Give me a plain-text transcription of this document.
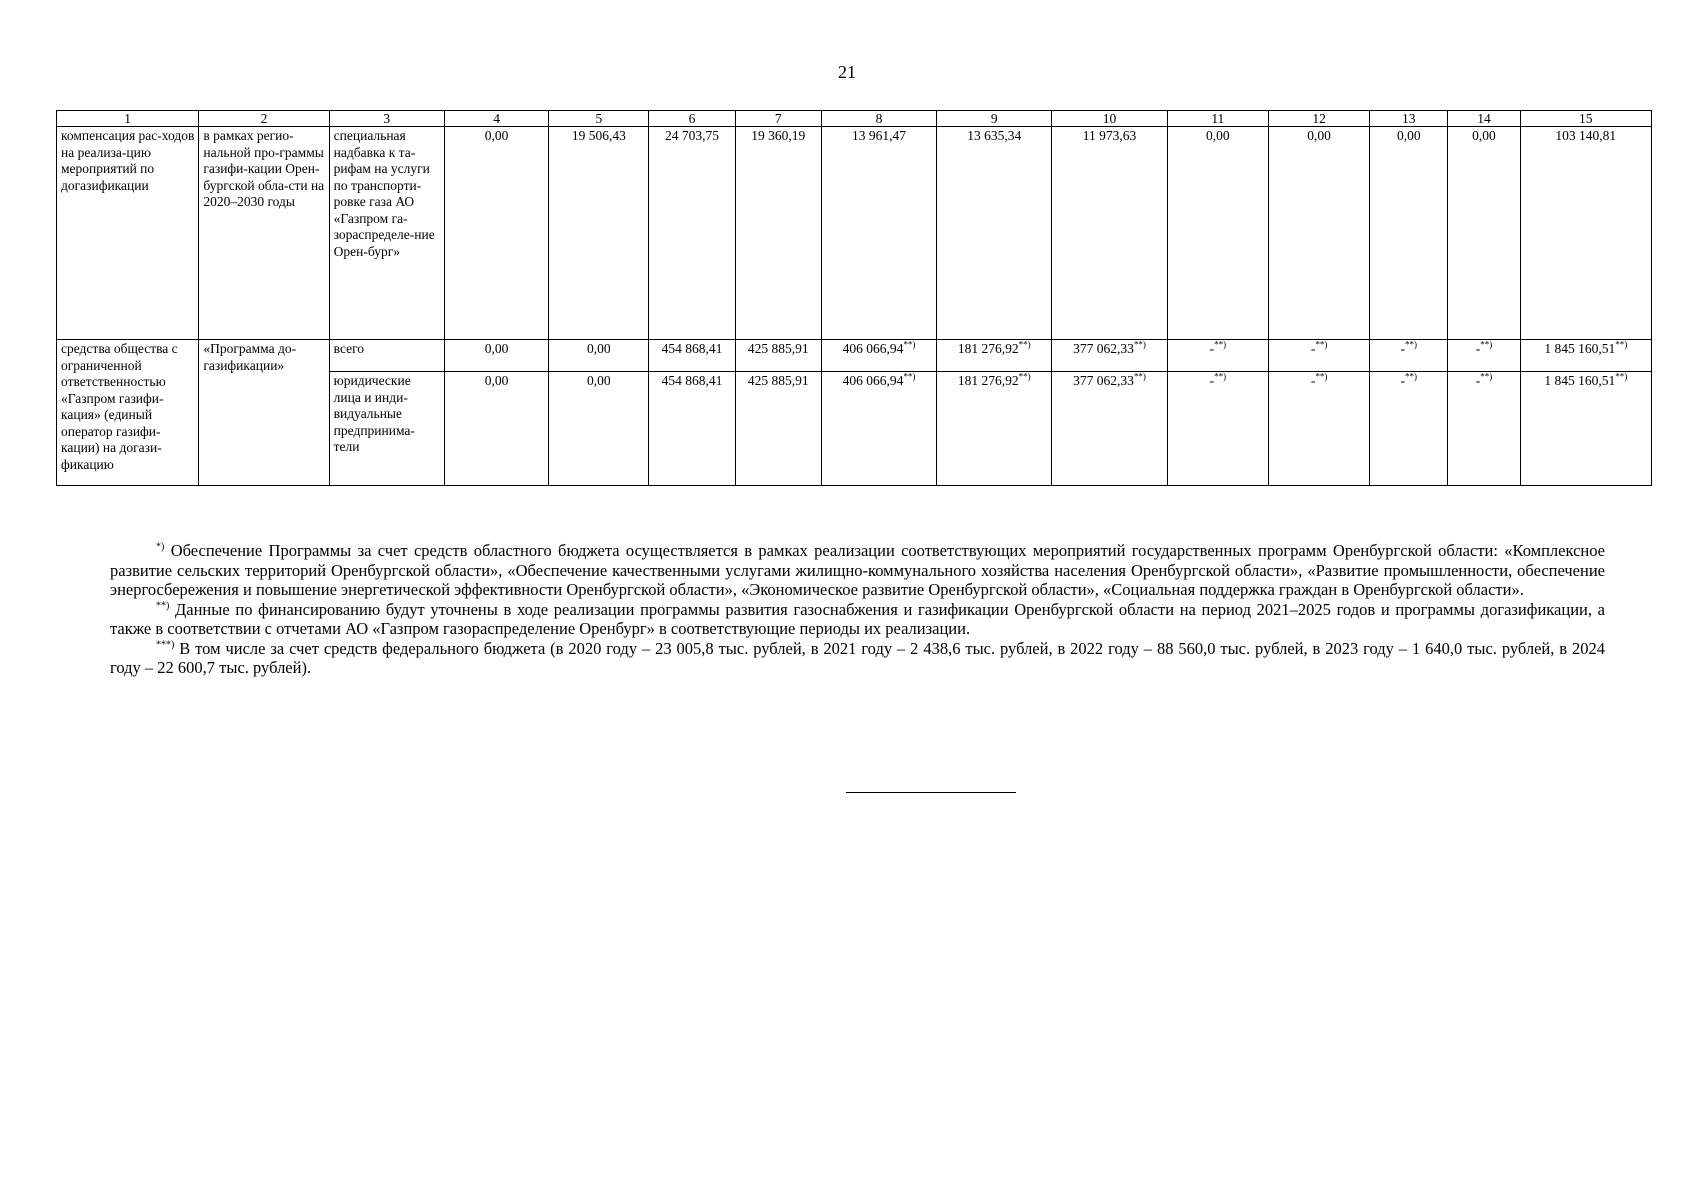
21
1	2	3	4	5	6	7	8	9	10	11	12	13	14	15
компенсация рас-ходов на реализа-цию мероприятий по догазификации	в рамках регио-нальной про-граммы газифи-кации Орен-бургской обла-сти на 2020–2030 годы	специальная надбавка к та-рифам на услуги по транспорти-ровке газа АО «Газпром га-зораспределе-ние Орен-бург»	0,00	19 506,43	24 703,75	19 360,19	13 961,47	13 635,34	11 973,63	0,00	0,00	0,00	0,00	103 140,81
средства общества с ограниченной ответственностью «Газпром газифи-кация» (единый оператор газифи-кации) на догази-фикацию	«Программа до-газификации»	всего	0,00	0,00	454 868,41	425 885,91	406 066,94**)	181 276,92**)	377 062,33**)	-**)	-**)	-**)	-**)	1 845 160,51**)
		юридические лица и инди-видуальные предпринима-тели	0,00	0,00	454 868,41	425 885,91	406 066,94**)	181 276,92**)	377 062,33**)	-**)	-**)	-**)	-**)	1 845 160,51**)

*) Обеспечение Программы за счет средств областного бюджета осуществляется в рамках реализации соответствующих мероприятий государственных программ Оренбургской области: «Комплексное развитие сельских территорий Оренбургской области», «Обеспечение качественными услугами жилищно-коммунального хозяйства населения Оренбургской области», «Развитие промышленности, обеспечение энергосбережения и повышение энергетической эффективности Оренбургской области», «Экономическое развитие Оренбургской области», «Социальная поддержка граждан в Оренбургской области».

**) Данные по финансированию будут уточнены в ходе реализации программы развития газоснабжения и газификации Оренбургской области на период 2021–2025 годов и программы догазификации, а также в соответствии с отчетами АО «Газпром газораспределение Оренбург» в соответствующие периоды их реализации.

***) В том числе за счет средств федерального бюджета (в 2020 году – 23 005,8 тыс. рублей, в 2021 году – 2 438,6 тыс. рублей, в 2022 году – 88 560,0 тыс. рублей, в 2023 году – 1 640,0 тыс. рублей, в 2024 году – 22 600,7 тыс. рублей).
